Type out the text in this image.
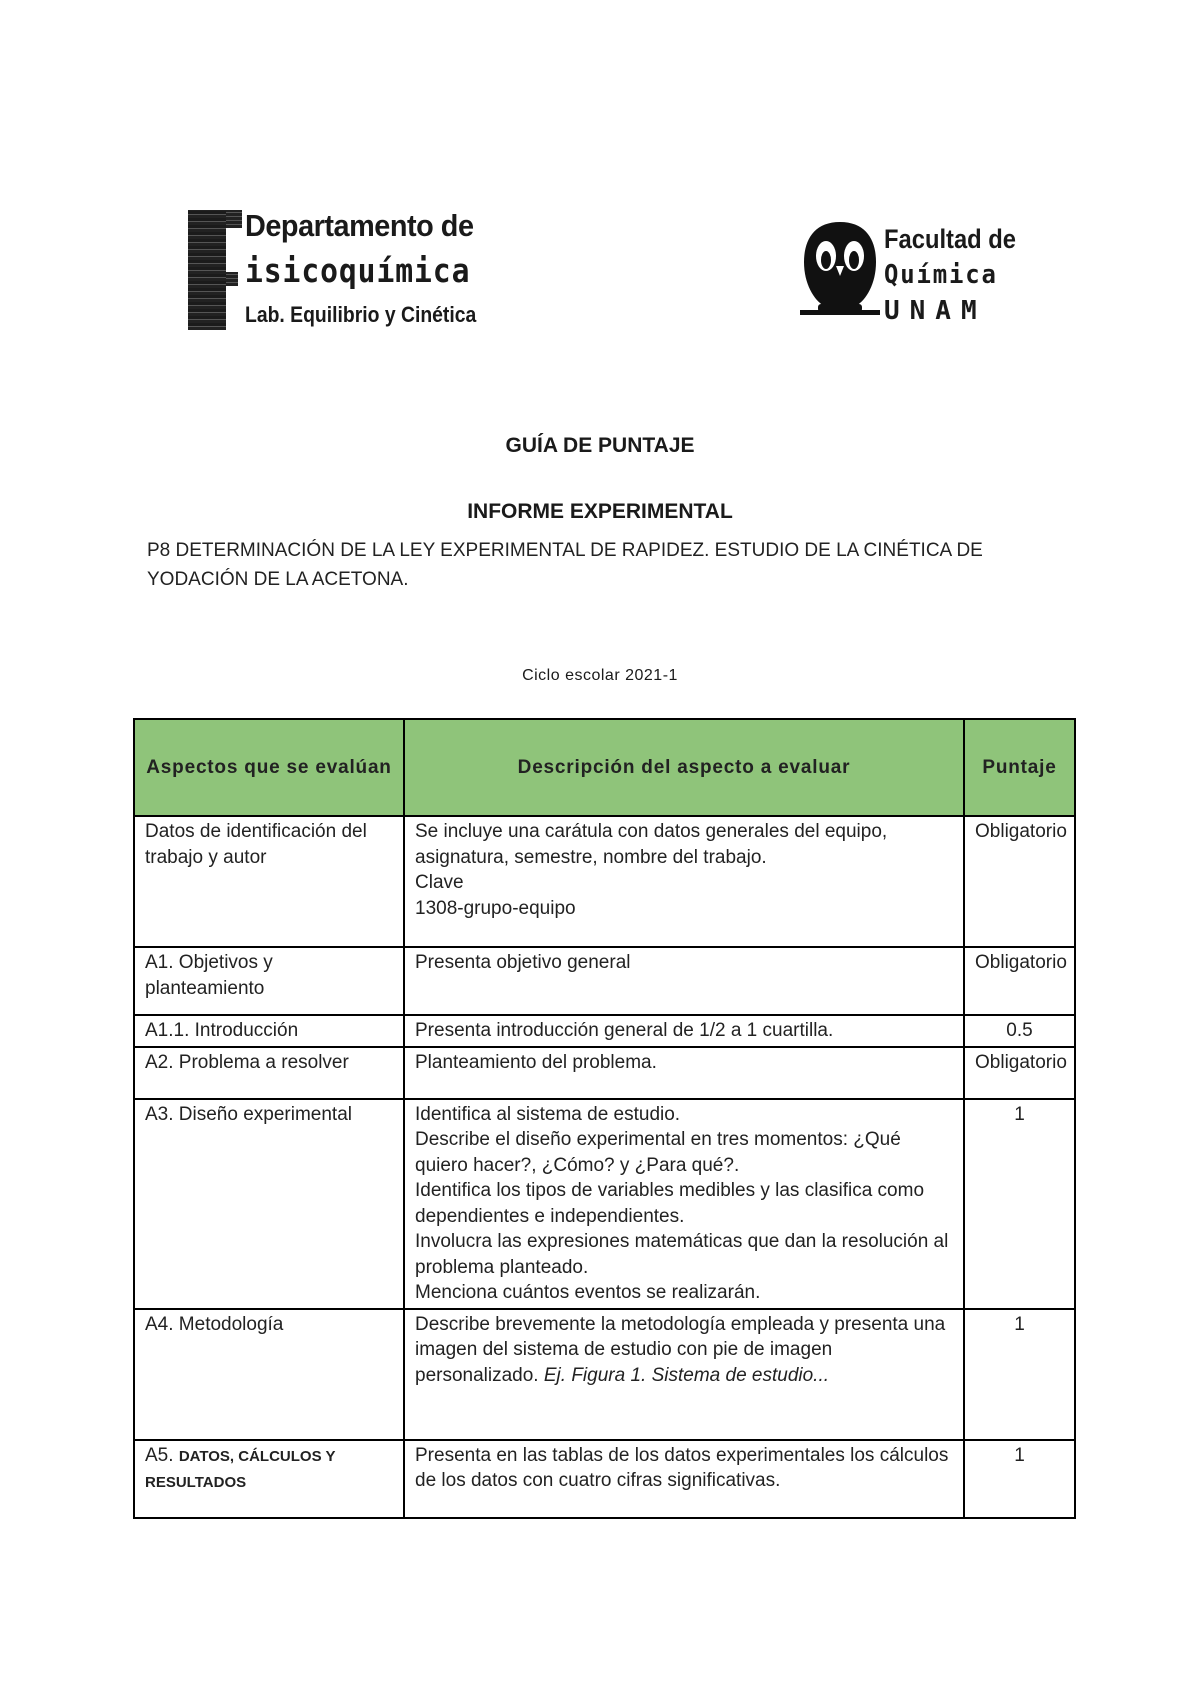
Departamento de
isicoquímica
Lab. Equilibrio y Cinética
Facultad de
Química
UNAM
GUÍA DE PUNTAJE
INFORME EXPERIMENTAL
P8 DETERMINACIÓN DE LA LEY EXPERIMENTAL DE RAPIDEZ. ESTUDIO DE LA CINÉTICA DE YODACIÓN DE LA ACETONA.
Ciclo escolar 2021-1
Aspectos que se evalúan	Descripción del aspecto a evaluar	Puntaje
Datos de identificación del trabajo y autor	Se incluye una carátula con datos generales del equipo, asignatura, semestre, nombre del trabajo.
Clave
1308-grupo-equipo	Obligatorio
A1. Objetivos y planteamiento	Presenta objetivo general	Obligatorio
A1.1. Introducción	Presenta introducción general de 1/2 a 1 cuartilla.	0.5
A2. Problema a resolver	Planteamiento del problema.	Obligatorio
A3. Diseño experimental	Identifica al sistema de estudio.
Describe el diseño experimental en tres momentos: ¿Qué quiero hacer?, ¿Cómo? y ¿Para qué?.
Identifica los tipos de variables medibles y las clasifica como dependientes e independientes.
Involucra las expresiones matemáticas que dan la resolución al problema planteado.
Menciona cuántos eventos se realizarán.	1
A4. Metodología	Describe brevemente la metodología empleada y presenta una imagen del sistema de estudio con pie de imagen personalizado. Ej. Figura 1. Sistema de estudio...	1
A5. DATOS, CÁLCULOS Y RESULTADOS	Presenta en las tablas de los datos experimentales los cálculos de los datos con cuatro cifras significativas.	1
